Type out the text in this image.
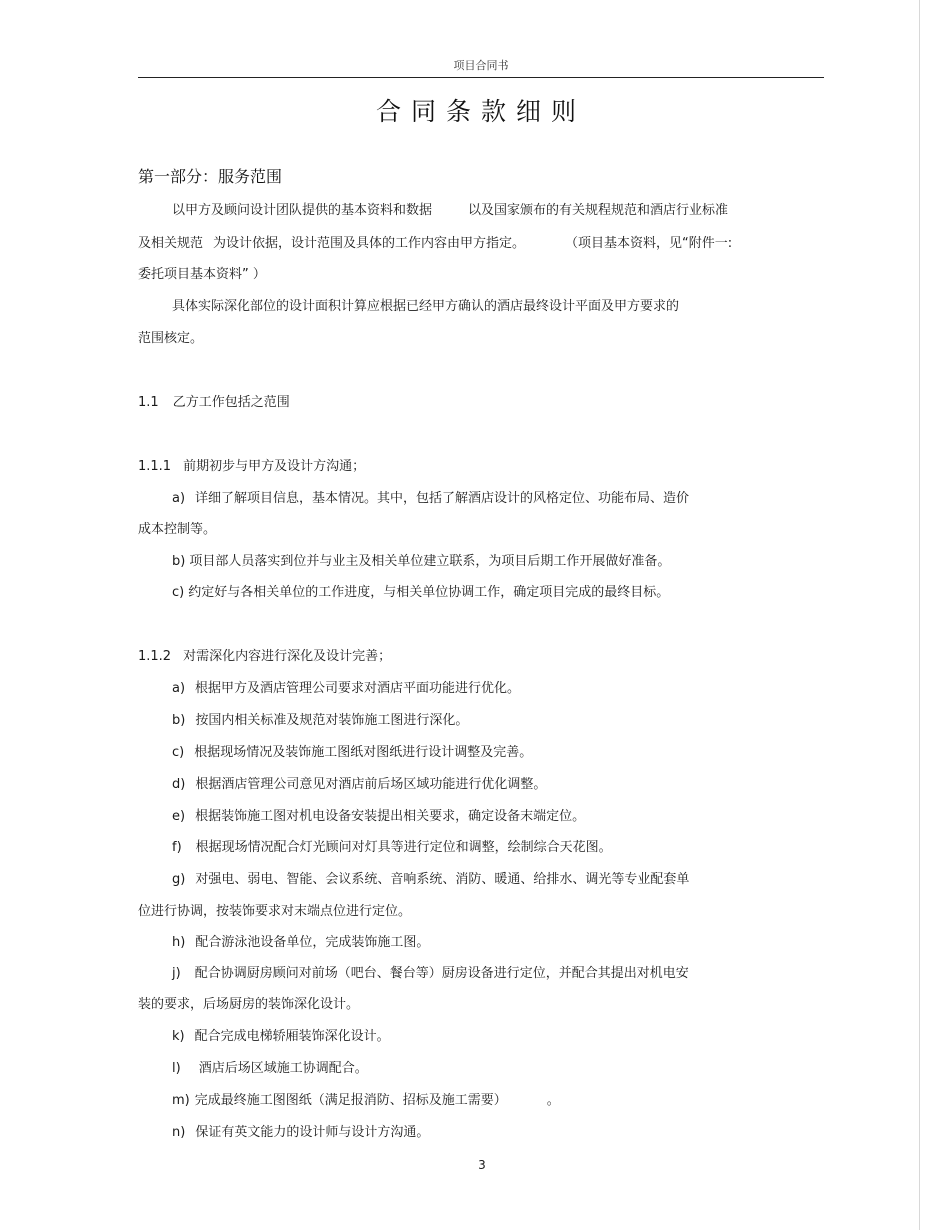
项目合同书
合同条款细则
第一部分：服务范围
以甲方及顾问设计团队提供的基本资料和数据	以及国家颁布的有关规程规范和酒店行业标准
及相关规范 为设计依据，设计范围及具体的工作内容由甲方指定。	（项目基本资料，见“附件一:
委托项目基本资料” ）
具体实际深化部位的设计面积计算应根据已经甲方确认的酒店最终设计平面及甲方要求的
范围核定。
1.1 乙方工作包括之范围
1.1.1 前期初步与甲方及设计方沟通；
a) 详细了解项目信息，基本情况。其中，包括了解酒店设计的风格定位、功能布局、造价
成本控制等。
b) 项目部人员落实到位并与业主及相关单位建立联系，为项目后期工作开展做好准备。
c) 约定好与各相关单位的工作进度，与相关单位协调工作，确定项目完成的最终目标。
1.1.2 对需深化内容进行深化及设计完善；
a) 根据甲方及酒店管理公司要求对酒店平面功能进行优化。
b) 按国内相关标准及规范对装饰施工图进行深化。
c) 根据现场情况及装饰施工图纸对图纸进行设计调整及完善。
d) 根据酒店管理公司意见对酒店前后场区域功能进行优化调整。
e) 根据装饰施工图对机电设备安装提出相关要求，确定设备末端定位。
f) 根据现场情况配合灯光顾问对灯具等进行定位和调整，绘制综合天花图。
g) 对强电、弱电、智能、会议系统、音响系统、消防、暖通、给排水、调光等专业配套单
位进行协调，按装饰要求对末端点位进行定位。
h) 配合游泳池设备单位，完成装饰施工图。
j) 配合协调厨房顾问对前场（吧台、餐台等）厨房设备进行定位，并配合其提出对机电安
装的要求，后场厨房的装饰深化设计。
k) 配合完成电梯轿厢装饰深化设计。
l) 酒店后场区域施工协调配合。
m) 完成最终施工图图纸（满足报消防、招标及施工需要）	。
n) 保证有英文能力的设计师与设计方沟通。
3
